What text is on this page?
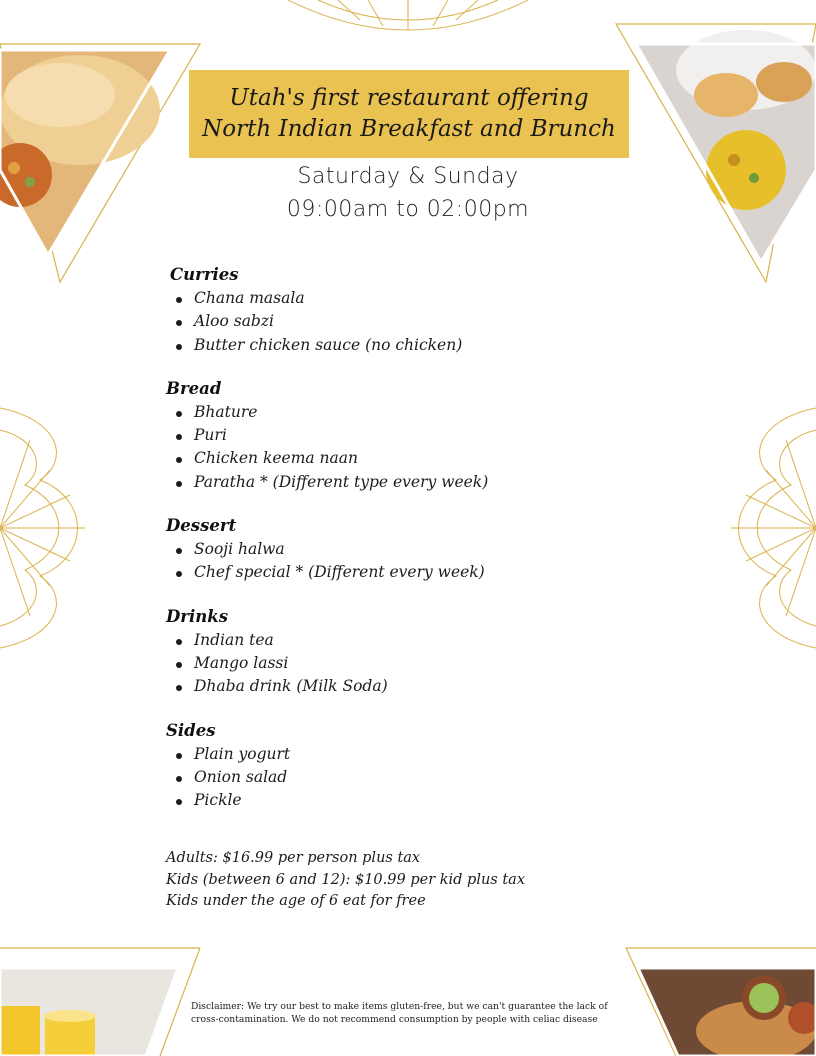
Utah's first restaurant offering North Indian Breakfast and Brunch
Saturday & Sunday
09:00am to 02:00pm
Curries
Chana masala
Aloo sabzi
Butter chicken sauce (no chicken)
Bread
Bhature
Puri
Chicken keema naan
Paratha * (Different type every week)
Dessert
Sooji halwa
Chef special * (Different every week)
Drinks
Indian tea
Mango lassi
Dhaba drink (Milk Soda)
Sides
Plain yogurt
Onion salad
Pickle
Adults: $16.99 per person plus tax
Kids (between 6 and 12): $10.99 per kid plus tax
Kids under the age of 6 eat for free
Disclaimer: We try our best to make items gluten-free, but we can't guarantee the lack of cross-contamination. We do not recommend consumption by people with celiac disease
